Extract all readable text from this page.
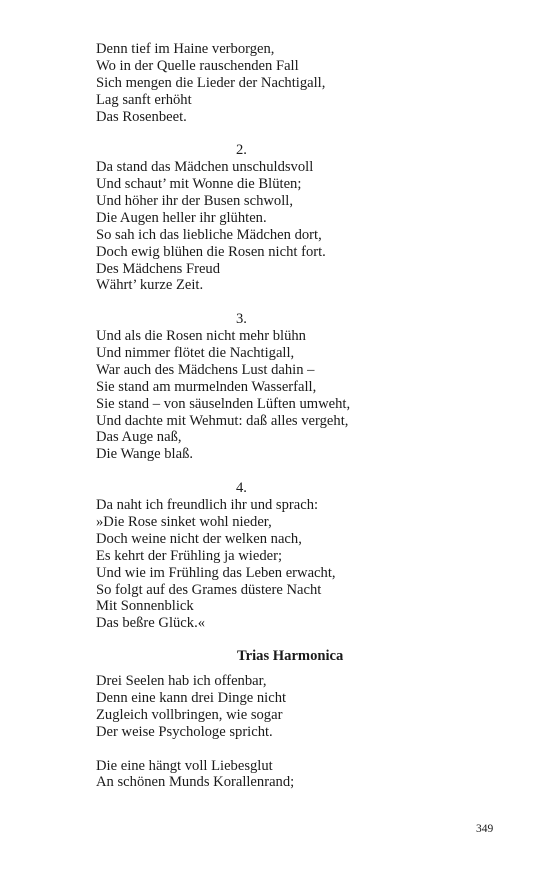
Denn tief im Haine verborgen,
Wo in der Quelle rauschenden Fall
Sich mengen die Lieder der Nachtigall,
Lag sanft erhöht
Das Rosenbeet.
2.
Da stand das Mädchen unschuldsvoll
Und schaut’ mit Wonne die Blüten;
Und höher ihr der Busen schwoll,
Die Augen heller ihr glühten.
So sah ich das liebliche Mädchen dort,
Doch ewig blühen die Rosen nicht fort.
Des Mädchens Freud
Währt’ kurze Zeit.
3.
Und als die Rosen nicht mehr blühn
Und nimmer flötet die Nachtigall,
War auch des Mädchens Lust dahin –
Sie stand am murmelnden Wasserfall,
Sie stand – von säuselnden Lüften umweht,
Und dachte mit Wehmut: daß alles vergeht,
Das Auge naß,
Die Wange blaß.
4.
Da naht ich freundlich ihr und sprach:
»Die Rose sinket wohl nieder,
Doch weine nicht der welken nach,
Es kehrt der Frühling ja wieder;
Und wie im Frühling das Leben erwacht,
So folgt auf des Grames düstere Nacht
Mit Sonnenblick
Das beßre Glück.«
Trias Harmonica
Drei Seelen hab ich offenbar,
Denn eine kann drei Dinge nicht
Zugleich vollbringen, wie sogar
Der weise Psychologe spricht.
Die eine hängt voll Liebesglut
An schönen Munds Korallenrand;
349
